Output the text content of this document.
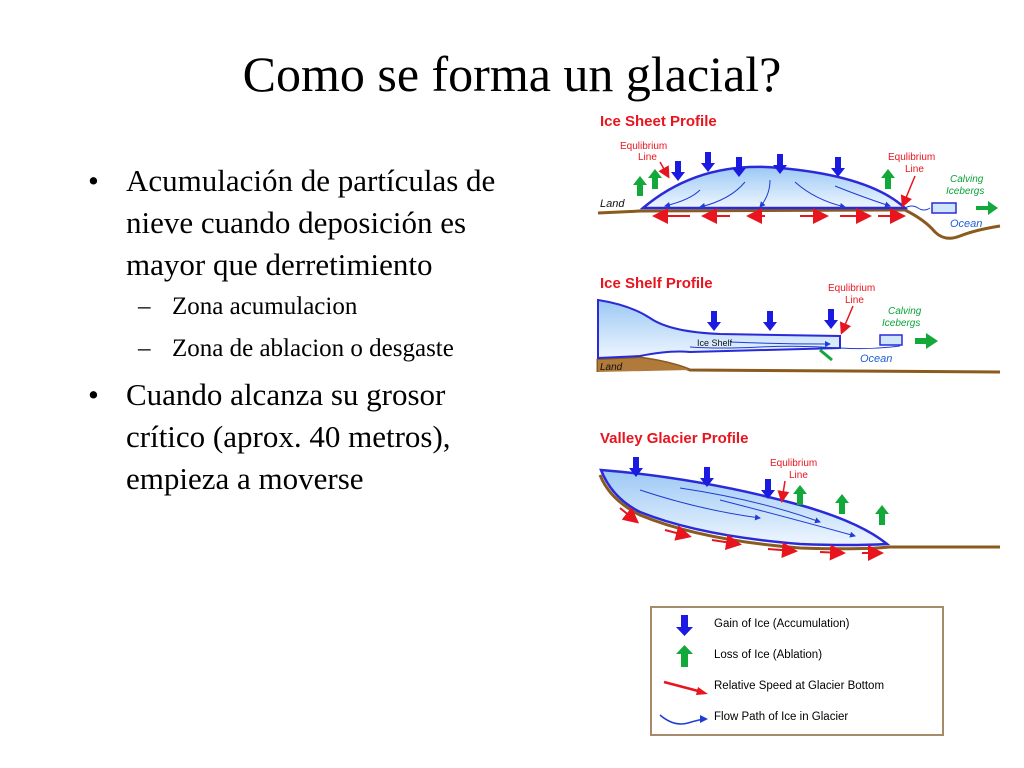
Como se forma un glacial?
• Acumulación de partículas de nieve cuando deposición es mayor que derretimiento
– Zona acumulacion
– Zona de ablacion o desgaste
• Cuando alcanza su grosor crítico (aprox. 40 metros), empieza a moverse
Ice Sheet Profile
Equlibrium
Line	Equlibrium
Line
Land
Ocean
Calving
Icebergs
Ice Shelf Profile
Ice Shelf
Equlibrium
Line
Land
Ocean
Calving
Icebergs
Valley Glacier Profile
Equlibrium
Line
Gain of Ice (Accumulation)
Loss of Ice (Ablation)
Relative Speed at Glacier Bottom
Flow Path of Ice in Glacier
